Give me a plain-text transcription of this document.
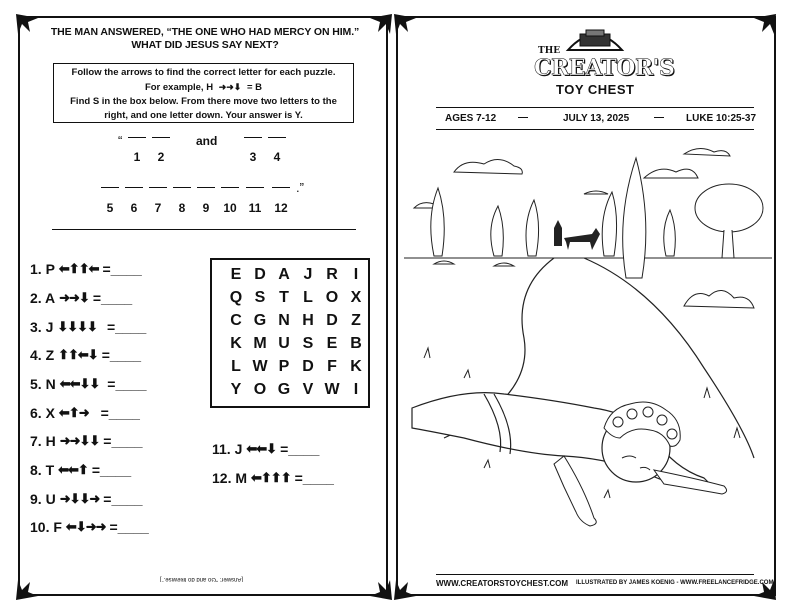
THE MAN ANSWERED, “THE ONE WHO HAD MERCY ON HIM.”
WHAT DID JESUS SAY NEXT?
Follow the arrows to find the correct letter for each puzzle.
For example, H ➜➜⬇ = B
Find S in the box below. From there move two letters to the
right, and one letter down. Your answer is Y.
“	and
1	2	3	4
.”
5	6	7	8	9	10 11 12
1. P ⬅⬆⬆⬅ =____
2. A ➜➜⬇ =____
3. J ⬇⬇⬇⬇ =____
4. Z ⬆⬆⬅⬇ =____
5. N ⬅⬅⬇⬇ =____
6. X ⬅⬆➜ =____
7. H ➜➜⬇⬇ =____
8. T ⬅⬅⬆ =____
9. U ➜⬇⬇➜ =____
10. F ⬅⬇➜➜ =____
11. J ⬅⬅⬇ =____
12. M ⬅⬆⬆⬆ =____
E D A J R I
Q S T L O X
C G N H D Z
K M U S E B
L W P D F K
Y O G V W I
[Answer: “Go and do likewise.”]
THE
CREATOR'S
TOY CHEST
AGES 7-12 —	JULY 13, 2025 — LUKE 10:25-37
WWW.CREATORSTOYCHEST.COM ILLUSTRATED BY JAMES KOENIG - WWW.FREELANCEFRIDGE.COM
